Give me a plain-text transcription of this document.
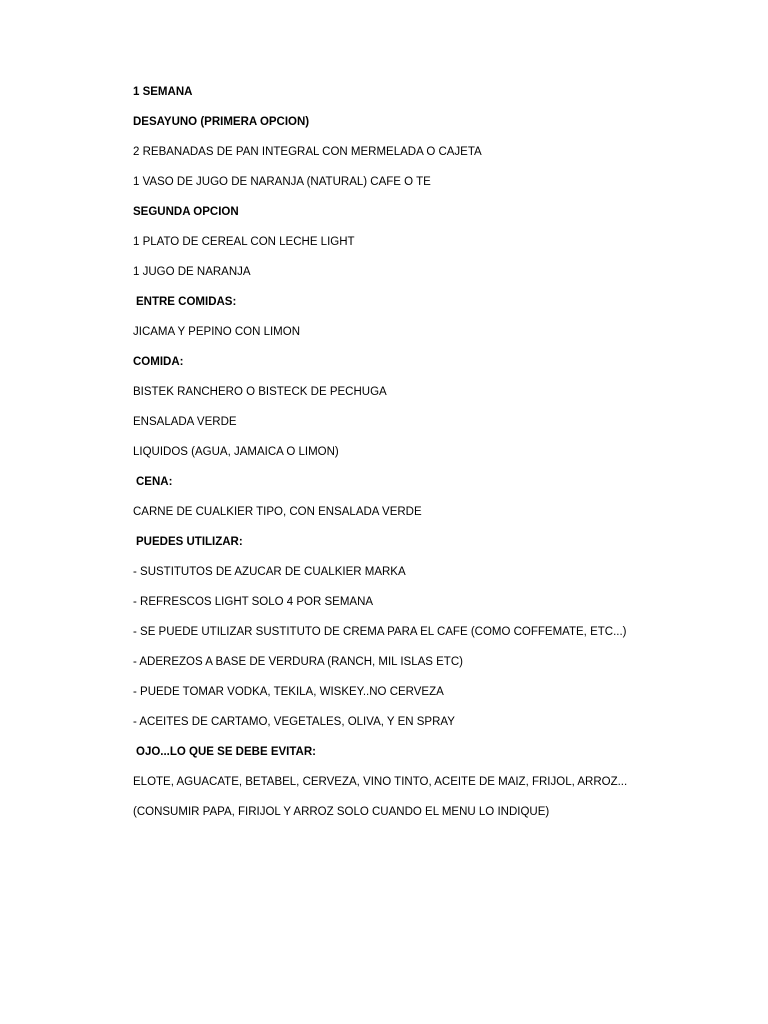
1 SEMANA
DESAYUNO (PRIMERA OPCION)
2 REBANADAS DE PAN INTEGRAL CON MERMELADA O CAJETA
1 VASO DE JUGO DE NARANJA (NATURAL) CAFE O TE
SEGUNDA OPCION
1 PLATO DE CEREAL CON LECHE LIGHT
1 JUGO DE NARANJA
ENTRE COMIDAS:
JICAMA Y PEPINO CON LIMON
COMIDA:
BISTEK RANCHERO O BISTECK DE PECHUGA
ENSALADA VERDE
LIQUIDOS (AGUA, JAMAICA O LIMON)
CENA:
CARNE DE CUALKIER TIPO, CON ENSALADA VERDE
PUEDES UTILIZAR:
- SUSTITUTOS DE AZUCAR DE CUALKIER MARKA
- REFRESCOS LIGHT SOLO 4 POR SEMANA
- SE PUEDE UTILIZAR SUSTITUTO DE CREMA PARA EL CAFE (COMO COFFEMATE, ETC...)
- ADEREZOS A BASE DE VERDURA (RANCH, MIL ISLAS ETC)
- PUEDE TOMAR VODKA, TEKILA, WISKEY..NO CERVEZA
- ACEITES DE CARTAMO, VEGETALES, OLIVA, Y EN SPRAY
OJO...LO QUE SE DEBE EVITAR:
ELOTE, AGUACATE, BETABEL, CERVEZA, VINO TINTO, ACEITE DE MAIZ, FRIJOL, ARROZ...
(CONSUMIR PAPA, FIRIJOL Y ARROZ SOLO CUANDO EL MENU LO INDIQUE)
